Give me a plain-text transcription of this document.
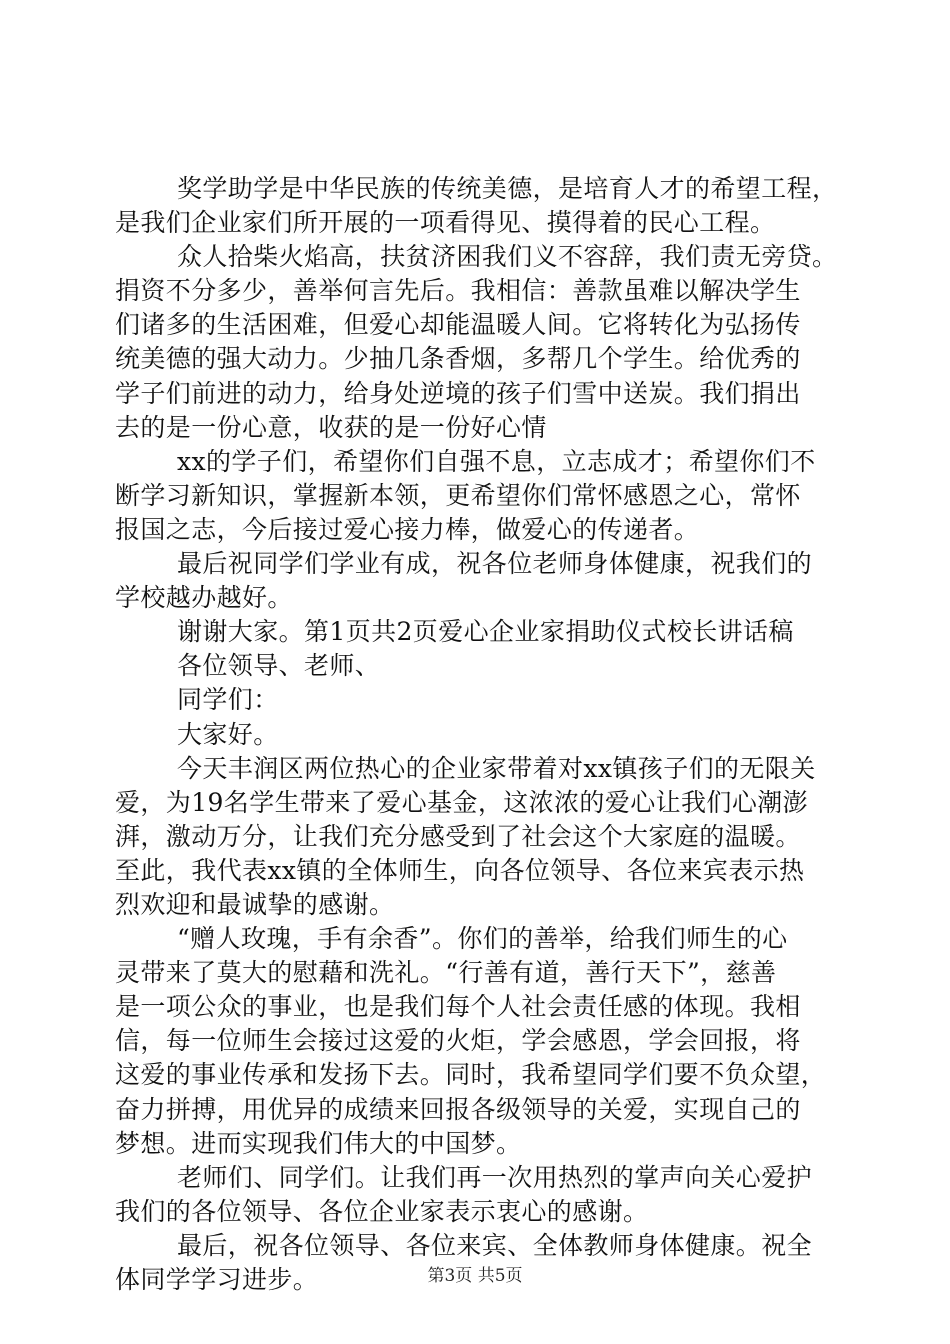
奖学助学是中华民族的传统美德，是培育人才的希望工程，
是我们企业家们所开展的一项看得见、摸得着的民心工程。
众人拾柴火焰高，扶贫济困我们义不容辞，我们责无旁贷。
捐资不分多少，善举何言先后。我相信：善款虽难以解决学生
们诸多的生活困难，但爱心却能温暖人间。它将转化为弘扬传
统美德的强大动力。少抽几条香烟，多帮几个学生。给优秀的
学子们前进的动力，给身处逆境的孩子们雪中送炭。我们捐出
去的是一份心意，收获的是一份好心情
xx的学子们，希望你们自强不息，立志成才；希望你们不
断学习新知识，掌握新本领，更希望你们常怀感恩之心，常怀
报国之志，今后接过爱心接力棒，做爱心的传递者。
最后祝同学们学业有成，祝各位老师身体健康，祝我们的
学校越办越好。
谢谢大家。第1页共2页爱心企业家捐助仪式校长讲话稿
各位领导、老师、
同学们：
大家好。
今天丰润区两位热心的企业家带着对xx镇孩子们的无限关
爱，为19名学生带来了爱心基金，这浓浓的爱心让我们心潮澎
湃，激动万分，让我们充分感受到了社会这个大家庭的温暖。
至此，我代表xx镇的全体师生，向各位领导、各位来宾表示热
烈欢迎和最诚挚的感谢。
“赠人玫瑰，手有余香”。你们的善举，给我们师生的心
灵带来了莫大的慰藉和洗礼。“行善有道，善行天下”，慈善
是一项公众的事业，也是我们每个人社会责任感的体现。我相
信，每一位师生会接过这爱的火炬，学会感恩，学会回报，将
这爱的事业传承和发扬下去。同时，我希望同学们要不负众望，
奋力拼搏，用优异的成绩来回报各级领导的关爱，实现自己的
梦想。进而实现我们伟大的中国梦。
老师们、同学们。让我们再一次用热烈的掌声向关心爱护
我们的各位领导、各位企业家表示衷心的感谢。
最后，祝各位领导、各位来宾、全体教师身体健康。祝全
体同学学习进步。	第3页 共5页
